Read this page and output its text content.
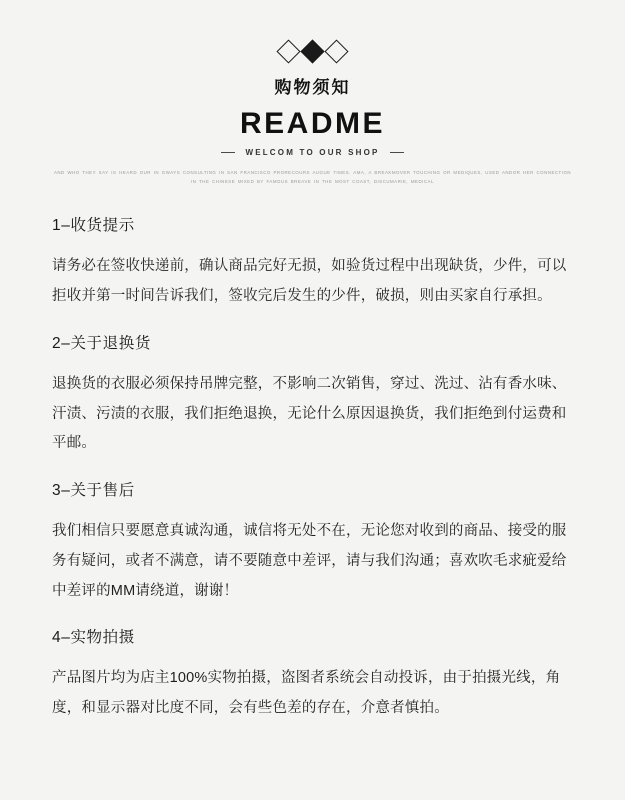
购物须知
README
WELCOM TO OUR SHOP
AND WHO THEY SAY IS HEARD OUR IN GWAYS CONSULTING IN SAN FRANCISCO PRORECOURS AUGUE TIMES. AMA, A BREAKMOVER TOUCHING OR MEDIQUES, USED ANDOR HER CONNECTION IN THE CHINESE MIXED BY FAMOUS BREAVE IN THE MOST COAST, DISCUMARIE, MEDICAL
1–收货提示

请务必在签收快递前，确认商品完好无损，如验货过程中出现缺货，少件，可以拒收并第一时间告诉我们，签收完后发生的少件，破损，则由买家自行承担。

2–关于退换货

退换货的衣服必须保持吊牌完整，不影响二次销售，穿过、洗过、沾有香水味、汗渍、污渍的衣服，我们拒绝退换，无论什么原因退换货，我们拒绝到付运费和平邮。

3–关于售后

我们相信只要愿意真诚沟通，诚信将无处不在，无论您对收到的商品、接受的服务有疑问，或者不满意，请不要随意中差评，请与我们沟通；喜欢吹毛求疵爱给中差评的MM请绕道，谢谢！

4–实物拍摄

产品图片均为店主100%实物拍摄，盗图者系统会自动投诉，由于拍摄光线，角度，和显示器对比度不同，会有些色差的存在，介意者慎拍。
